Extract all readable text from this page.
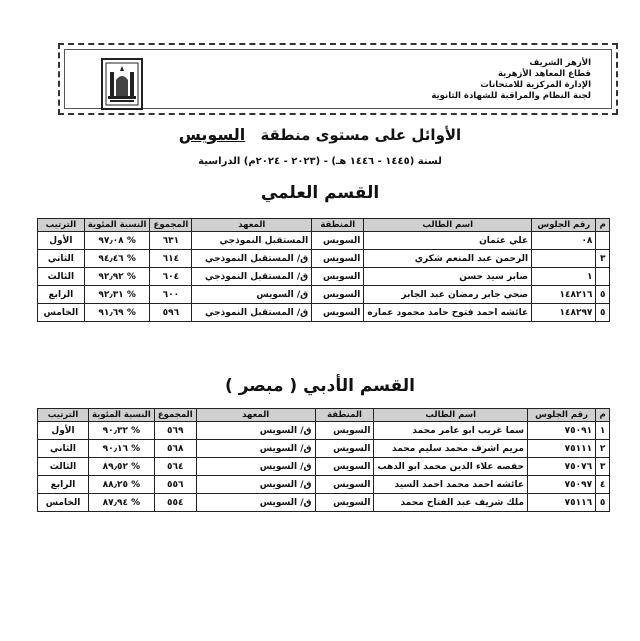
الأزهر الشريف
قطاع المعاهد الأزهرية
الإدارة المركزية للامتحانات
لجنة النظام والمراقبة للشهادة الثانوية
الأوائل على مستوى منطقة السويس
لسنة (١٤٤٥ - ١٤٤٦ هـ) - (٢٠٢٣ - ٢٠٢٤م) الدراسية
القسم العلمي
م	رقم الجلوس	اسم الطالب	المنطقة	المعهد	المجموع	النسبة المئوية	الترتيب
	٠٨	علي عثمان	السويس	المستقبل النموذجي	٦٣١	% ٩٧٫٠٨	الأول
٣		الرحمن عبد المنعم شكري	السويس	ق/ المستقبل النموذجي	٦١٤	% ٩٤٫٤٦	الثاني
	١	صابر سيد حسن	السويس	ق/ المستقبل النموذجي	٦٠٤	% ٩٢٫٩٢	الثالث
٥	١٤٨٢١٦	صحي جابر رمضان عبد الجابر	السويس	ق/ السويس	٦٠٠	% ٩٢٫٣١	الرابع
٥	١٤٨٢٩٧	عائشه احمد فتوح حامد محمود عماره	السويس	ق/ المستقبل النموذجي	٥٩٦	% ٩١٫٦٩	الخامس
القسم الأدبي ( مبصر )
م	رقم الجلوس	اسم الطالب	المنطقة	المعهد	المجموع	النسبة المئوية	الترتيب
١	٧٥٠٩١	سما غريب ابو عامر محمد	السويس	ق/ السويس	٥٦٩	% ٩٠٫٣٢	الأول
٢	٧٥١١١	مريم اشرف محمد سليم محمد	السويس	ق/ السويس	٥٦٨	% ٩٠٫١٦	الثاني
٣	٧٥٠٧٦	حفصه علاء الدين محمد ابو الدهب	السويس	ق/ السويس	٥٦٤	% ٨٩٫٥٢	الثالث
٤	٧٥٠٩٧	عائشه احمد محمد احمد السيد	السويس	ق/ السويس	٥٥٦	% ٨٨٫٢٥	الرابع
٥	٧٥١١٦	ملك شريف عبد الفتاح محمد	السويس	ق/ السويس	٥٥٤	% ٨٧٫٩٤	الخامس
